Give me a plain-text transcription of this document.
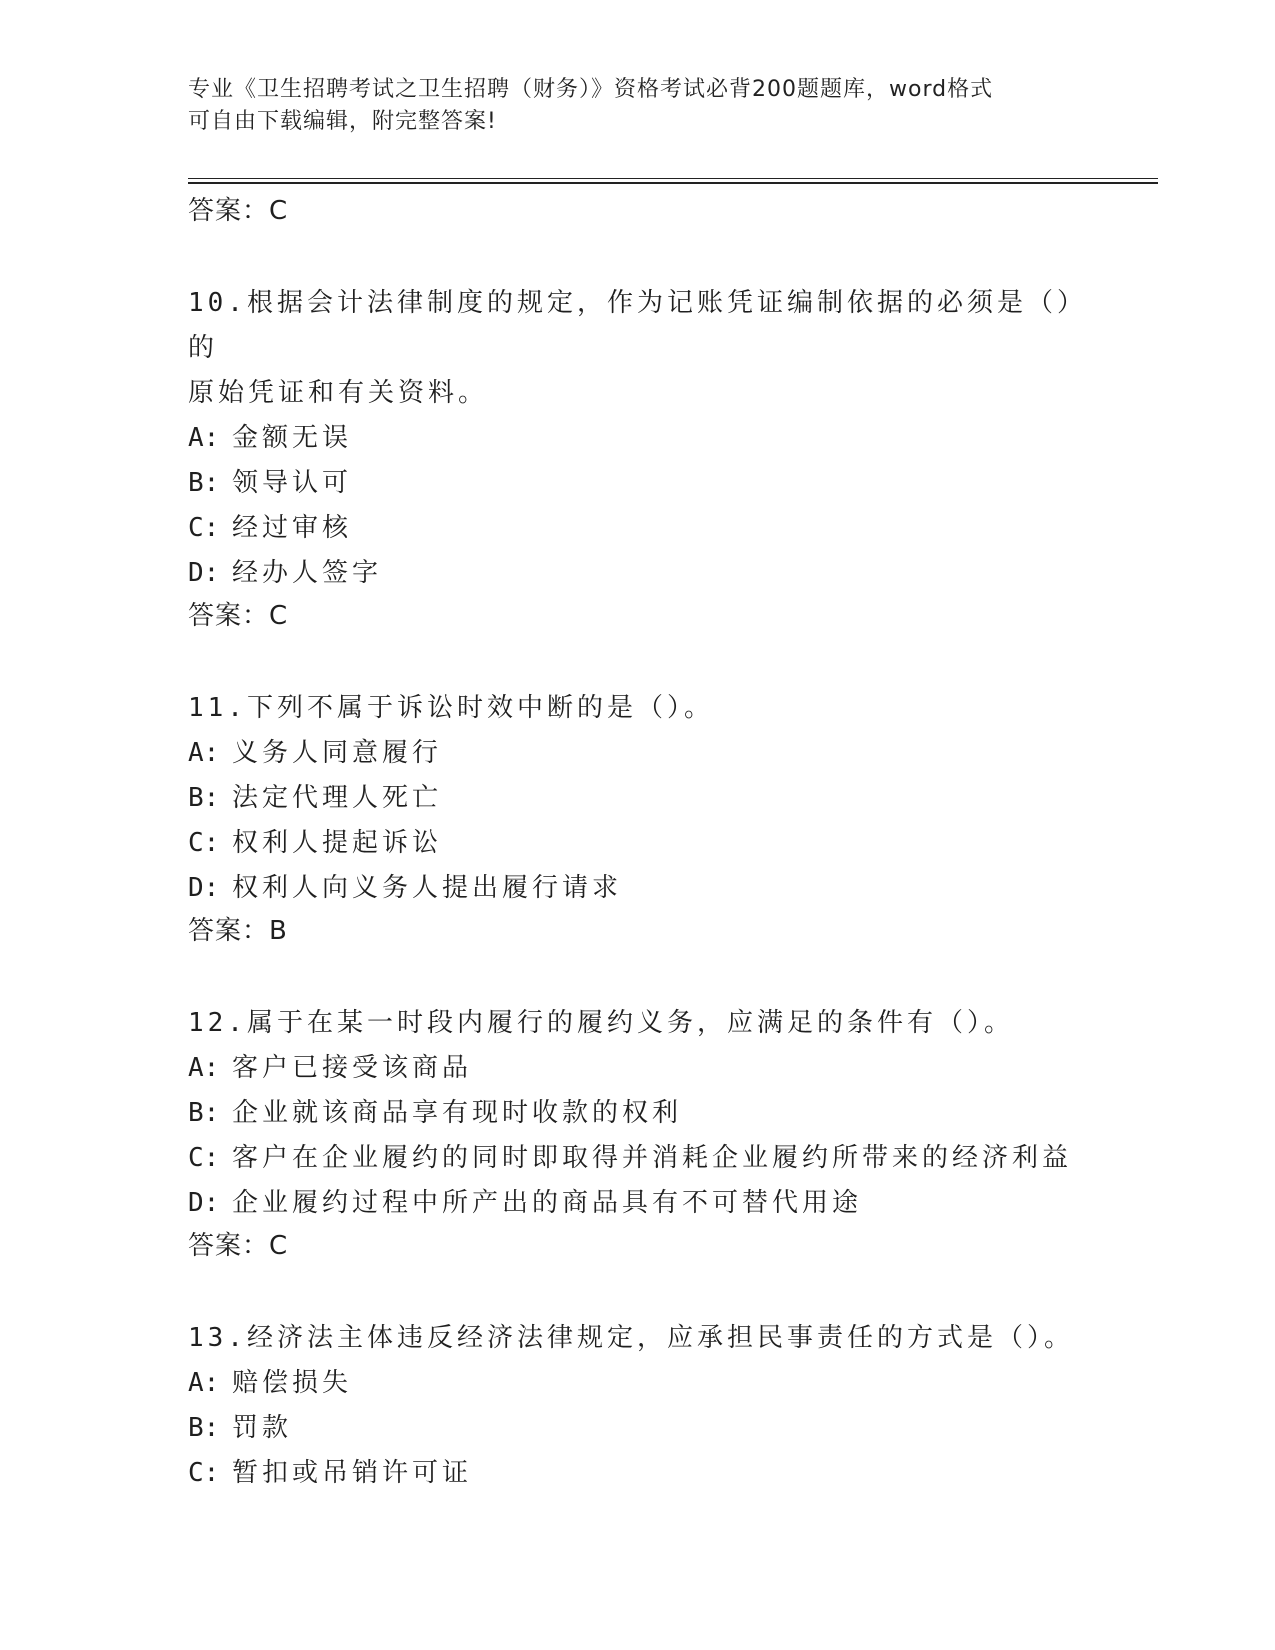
专业《卫生招聘考试之卫生招聘（财务）》资格考试必背200题题库，word格式
可自由下载编辑，附完整答案!
答案：C
10.根据会计法律制度的规定，作为记账凭证编制依据的必须是（）的
原始凭证和有关资料。
A: 金额无误
B: 领导认可
C: 经过审核
D: 经办人签字
答案：C
11.下列不属于诉讼时效中断的是（）。
A: 义务人同意履行
B: 法定代理人死亡
C: 权利人提起诉讼
D: 权利人向义务人提出履行请求
答案：B
12.属于在某一时段内履行的履约义务，应满足的条件有（）。
A: 客户已接受该商品
B: 企业就该商品享有现时收款的权利
C: 客户在企业履约的同时即取得并消耗企业履约所带来的经济利益
D: 企业履约过程中所产出的商品具有不可替代用途
答案：C
13.经济法主体违反经济法律规定，应承担民事责任的方式是（）。
A: 赔偿损失
B: 罚款
C: 暂扣或吊销许可证
